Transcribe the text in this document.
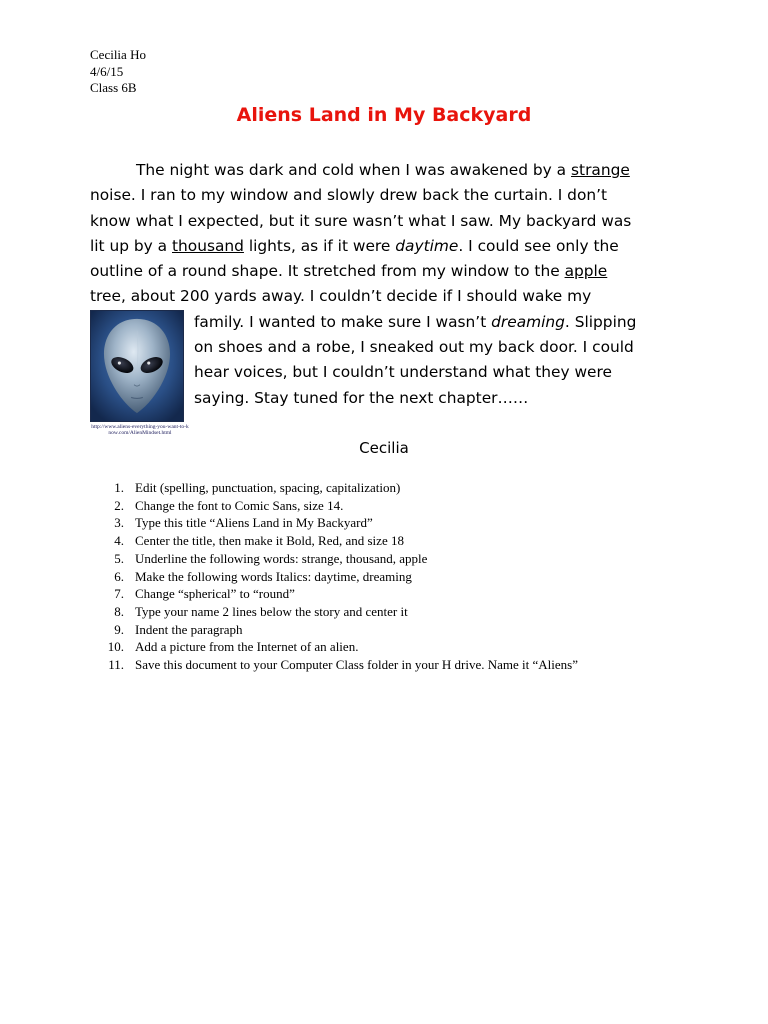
Cecilia Ho
4/6/15
Class 6B
Aliens Land in My Backyard
The night was dark and cold when I was awakened by a strange
noise. I ran to my window and slowly drew back the curtain. I don’t
know what I expected, but it sure wasn’t what I saw. My backyard was
lit up by a thousand lights, as if it were daytime. I could see only the
outline of a round shape. It stretched from my window to the apple
tree, about 200 yards away. I couldn’t decide if I should wake my
family. I wanted to make sure I wasn’t dreaming. Slipping
on shoes and a robe, I sneaked out my back door. I could
hear voices, but I couldn’t understand what they were
saying. Stay tuned for the next chapter……
http://www.aliens-everything-you-want-to-know.com/AlienMindset.html
Cecilia
1. Edit (spelling, punctuation, spacing, capitalization)
2. Change the font to Comic Sans, size 14.
3. Type this title “Aliens Land in My Backyard”
4. Center the title, then make it Bold, Red, and size 18
5. Underline the following words: strange, thousand, apple
6. Make the following words Italics: daytime, dreaming
7. Change “spherical” to “round”
8. Type your name 2 lines below the story and center it
9. Indent the paragraph
10. Add a picture from the Internet of an alien.
11. Save this document to your Computer Class folder in your H drive. Name it “Aliens”
